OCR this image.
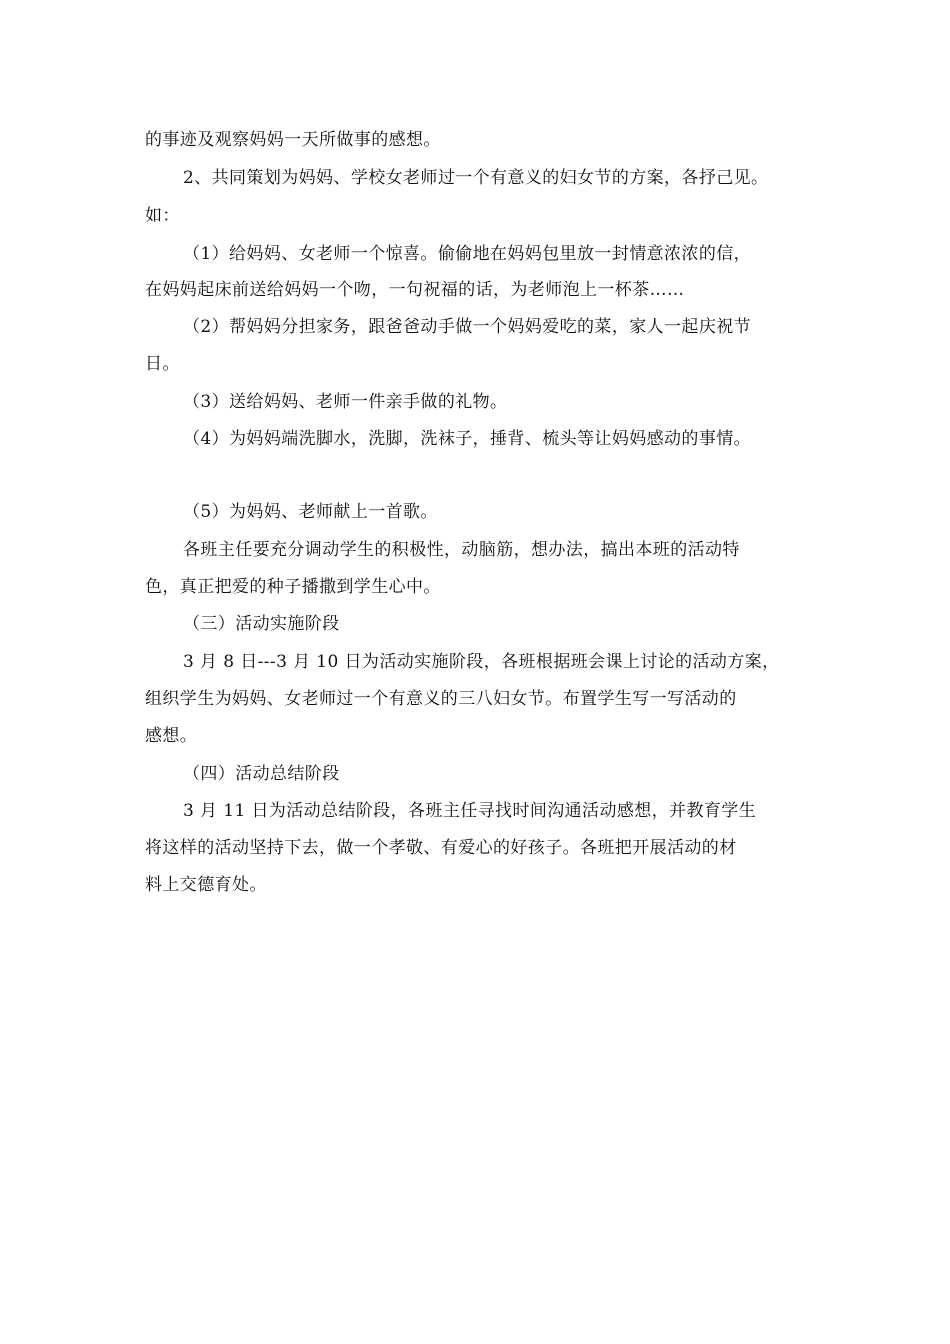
的事迹及观察妈妈一天所做事的感想。
2、共同策划为妈妈、学校女老师过一个有意义的妇女节的方案，各抒己见。
如：
（1）给妈妈、女老师一个惊喜。偷偷地在妈妈包里放一封情意浓浓的信，
在妈妈起床前送给妈妈一个吻，一句祝福的话，为老师泡上一杯茶……
（2）帮妈妈分担家务，跟爸爸动手做一个妈妈爱吃的菜，家人一起庆祝节
日。
（3）送给妈妈、老师一件亲手做的礼物。
（4）为妈妈端洗脚水，洗脚，洗袜子，捶背、梳头等让妈妈感动的事情。
（5）为妈妈、老师献上一首歌。
各班主任要充分调动学生的积极性，动脑筋，想办法，搞出本班的活动特
色，真正把爱的种子播撒到学生心中。
（三）活动实施阶段
3 月 8 日---3 月 10 日为活动实施阶段，各班根据班会课上讨论的活动方案，
组织学生为妈妈、女老师过一个有意义的三八妇女节。布置学生写一写活动的
感想。
（四）活动总结阶段
3 月 11 日为活动总结阶段，各班主任寻找时间沟通活动感想，并教育学生
将这样的活动坚持下去，做一个孝敬、有爱心的好孩子。各班把开展活动的材
料上交德育处。
